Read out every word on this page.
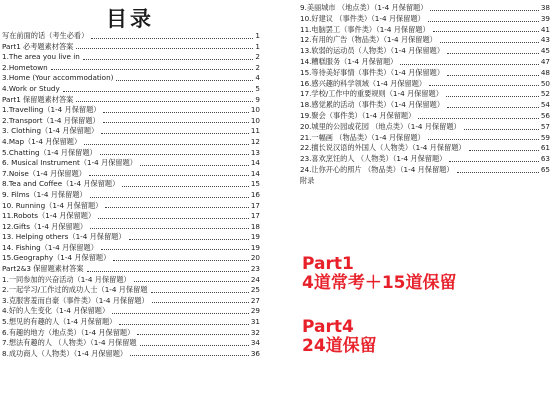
目录
写在前面的话（考生必看）	1
Part1 必考题素材答案	1
1.The area you live in	2
2.Hometown	2
3.Home (Your accommodation)	4
4.Work or Study	5
Part1 保留题素材答案	9
1.Travelling（1-4 月保留题）	10
2.Transport（1-4 月保留题）	10
3. Clothing（1-4 月保留题）	11
4.Map（1-4 月保留题）	12
5.Chatting（1-4 月保留题）	13
6. Musical Instrument（1-4 月保留题）	14
7.Noise（1-4 月保留题）	14
8.Tea and Coffee（1-4 月保留题）	15
9. Films（1-4 月保留题）	16
10. Running（1-4 月保留题）	17
11.Robots（1-4 月保留题）	17
12.Gifts（1-4 月保留题）	18
13. Helping others（1-4 月保留题）	19
14. Fishing（1-4 月保留题）	19
15.Geography（1-4 月保留题）	20
Part2&3 保留题素材答案	23
1.一同参加的兴奋活动（1-4 月保留题）	24
2.一起学习/工作过的成功人士（1-4 月保留题	25
3.克服害羞而自豪（事件类）（1-4 月保留题）	27
4.好的人生变化（1-4 月保留题）	29
5.想见的有趣的人（1-4 月保留题）	31
6.有趣的地方（地点类）（1-4 月保留题）	32
7.想法有趣的人 （人物类）（1-4 月保留题	34
8.成功商人（人物类）（1-4 月保留题）	36
9.美丽城市 （地点类）（1-4 月保留题）	38
10.好建议 （事件类）（1-4 月保留题）	39
11.电脑罢工（事件类）（1-4 月保留题）	41
12.有用的广告（物品类）（1-4 月保留题）	43
13.软弱的运动员（人物类）（1-4 月保留题）	45
14.糟糕服务（1-4 月保留题）	47
15.等待美好事情（事件类）（1-4 月保留题）	48
16.感兴趣的科学领域（1-4 月保留题）	50
17.学校/工作中的重要规则（1-4 月保留题）	52
18.感觉累的活动（事件类）（1-4 月保留题）	54
19.聚会（事件类）（1-4 月保留题）	56
20.城里的公园或花园 （地点类）（1-4 月保留题）	57
21.一幅画 （物品类）（1-4 月保留题）	59
22.擅长说汉语的外国人（人物类）（1-4 月保留题）	61
23.喜欢烹饪的人 （人物类）（1-4 月保留题）	63
24.让你开心的照片 （物品类）（1-4 月保留题）	65
附录
Part1
4道常考＋15道保留
Part4
24道保留
